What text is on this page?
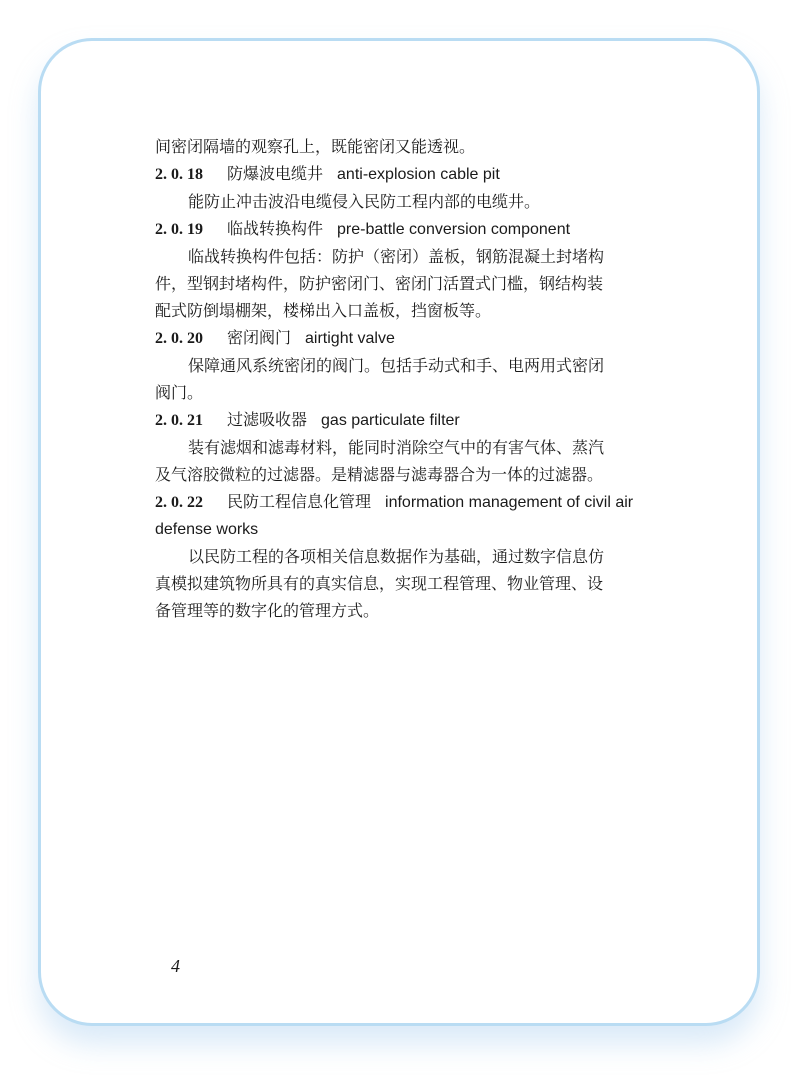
间密闭隔墙的观察孔上，既能密闭又能透视。
2. 0. 18 防爆波电缆井 anti-explosion cable pit
能防止冲击波沿电缆侵入民防工程内部的电缆井。
2. 0. 19 临战转换构件 pre-battle conversion component
临战转换构件包括：防护（密闭）盖板，钢筋混凝土封堵构
件，型钢封堵构件，防护密闭门、密闭门活置式门槛，钢结构装
配式防倒塌棚架，楼梯出入口盖板，挡窗板等。
2. 0. 20 密闭阀门 airtight valve
保障通风系统密闭的阀门。包括手动式和手、电两用式密闭
阀门。
2. 0. 21 过滤吸收器 gas particulate filter
装有滤烟和滤毒材料，能同时消除空气中的有害气体、蒸汽
及气溶胶微粒的过滤器。是精滤器与滤毒器合为一体的过滤器。
2. 0. 22 民防工程信息化管理 information management of civil air
defense works
以民防工程的各项相关信息数据作为基础，通过数字信息仿
真模拟建筑物所具有的真实信息，实现工程管理、物业管理、设
备管理等的数字化的管理方式。
4
